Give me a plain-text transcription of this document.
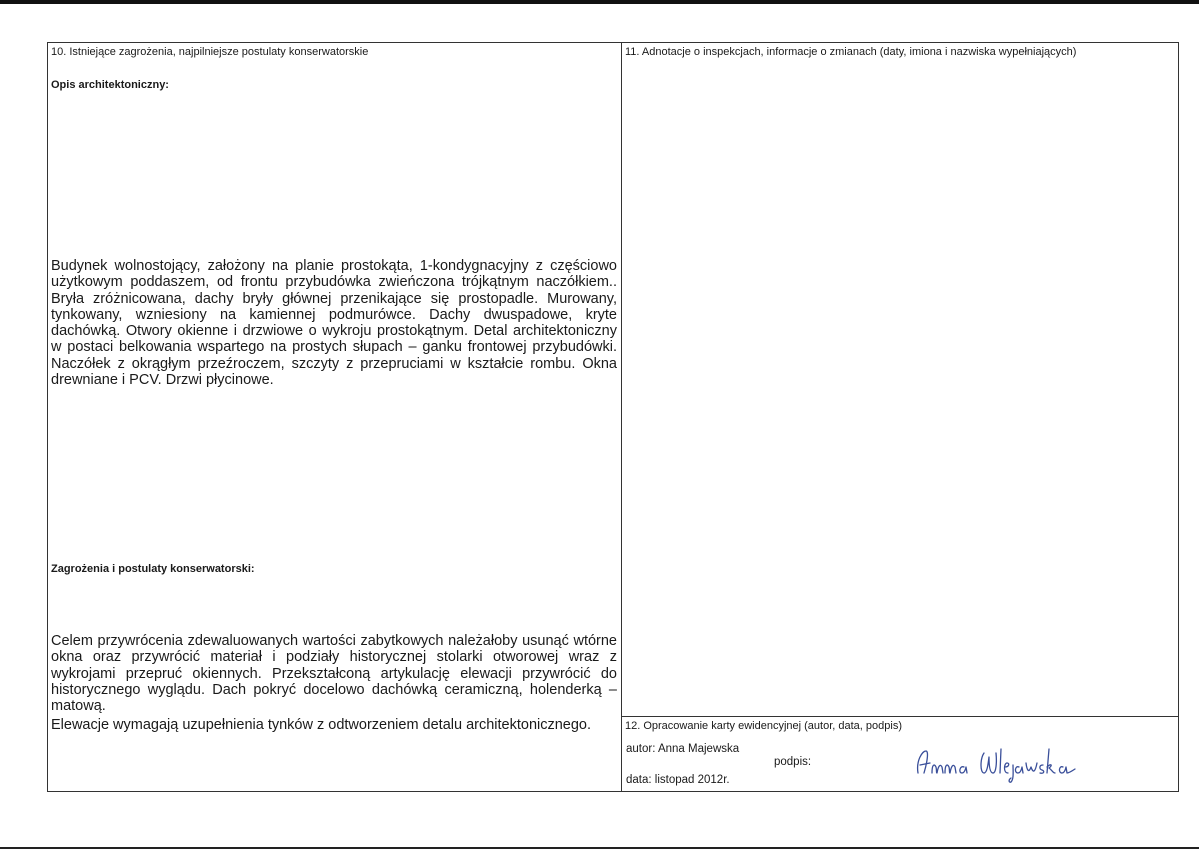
10. Istniejące zagrożenia, najpilniejsze postulaty konserwatorskie
Opis architektoniczny:

Budynek wolnostojący, założony na planie prostokąta, 1-kondygnacyjny z częściowo użytkowym poddaszem, od frontu przybudówka zwieńczona trójkątnym naczółkiem.. Bryła zróżnicowana, dachy bryły głównej przenikające się prostopadle. Murowany, tynkowany, wzniesiony na kamiennej podmurówce. Dachy dwuspadowe, kryte dachówką. Otwory okienne i drzwiowe o wykroju prostokątnym. Detal architektoniczny w postaci belkowania wspartego na prostych słupach – ganku frontowej przybudówki. Naczółek z okrągłym przeźroczem, szczyty z przepruciami w kształcie rombu. Okna drewniane i PCV. Drzwi płycinowe.

Zagrożenia i postulaty konserwatorski:

Celem przywrócenia zdewaluowanych wartości zabytkowych należałoby usunąć wtórne okna oraz przywrócić materiał i podziały historycznej stolarki otworowej wraz z wykrojami przepruć okiennych. Przekształconą artykulację elewacji przywrócić do historycznego wyglądu. Dach pokryć docelowo dachówką ceramiczną, holenderką – matową.

Elewacje wymagają uzupełnienia tynków z odtworzeniem detalu architektonicznego.

11. Adnotacje o inspekcjach, informacje o zmianach (daty, imiona i nazwiska wypełniających)
12. Opracowanie karty ewidencyjnej (autor, data, podpis)
autor: Anna Majewska
podpis:
data: listopad 2012r.
